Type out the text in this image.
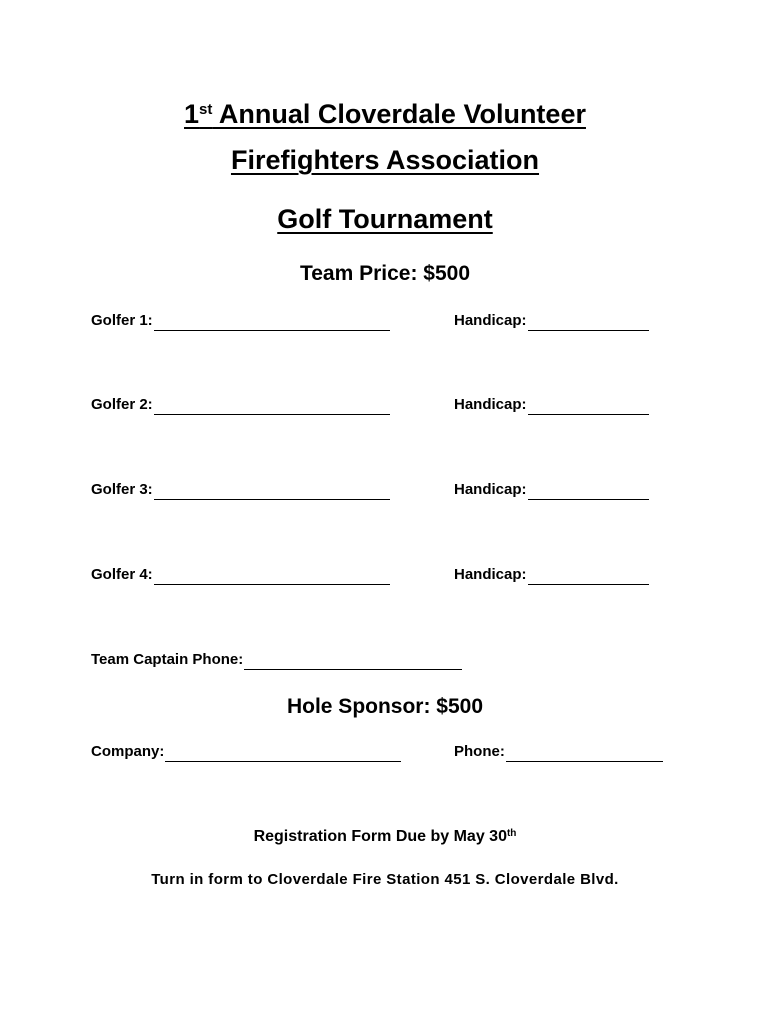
1st Annual Cloverdale Volunteer
Firefighters Association
Golf Tournament
Team Price: $500
Golfer 1:	Handicap:
Golfer 2:	Handicap:
Golfer 3:	Handicap:
Golfer 4:	Handicap:
Team Captain Phone:
Hole Sponsor: $500
Company:	Phone:
Registration Form Due by May 30th
Turn in form to Cloverdale Fire Station 451 S. Cloverdale Blvd.
